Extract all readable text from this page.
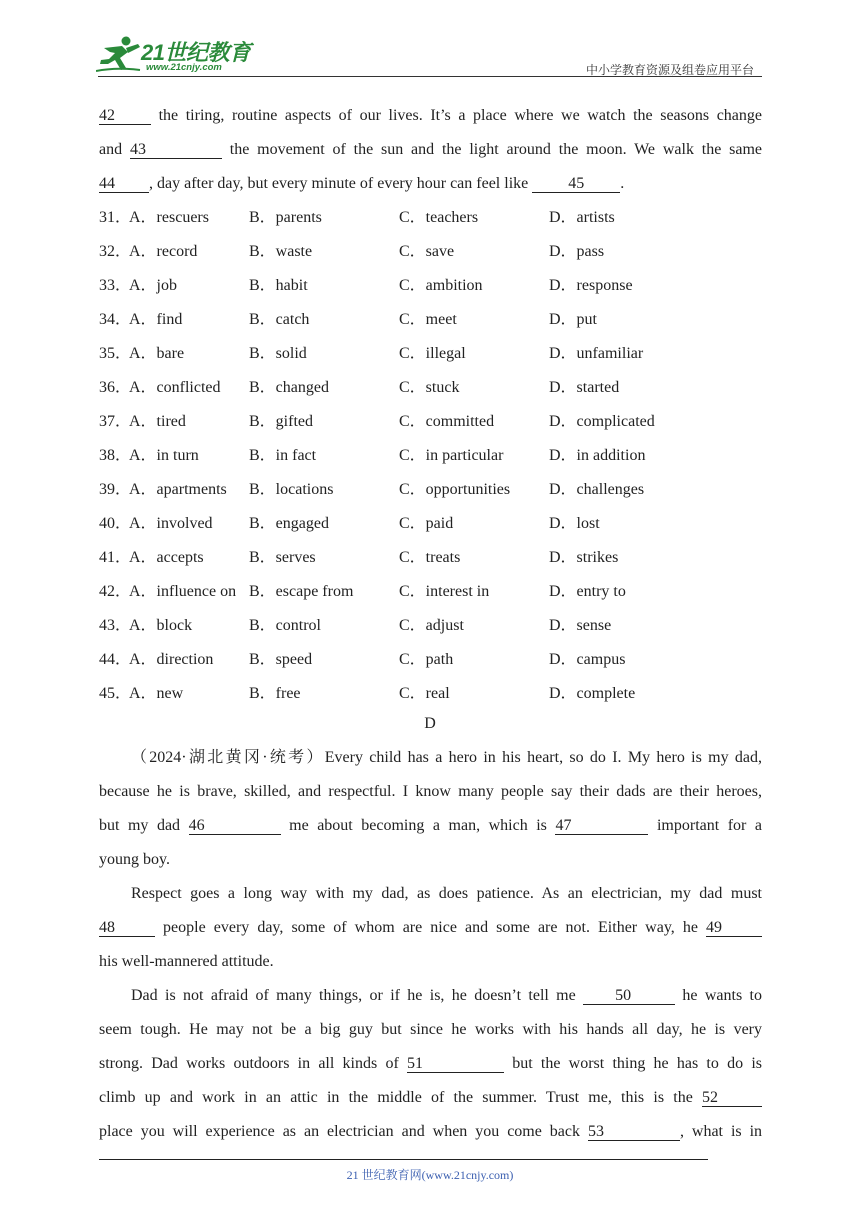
21世纪教育
www.21cnjy.com	中小学教育资源及组卷应用平台
42 the tiring, routine aspects of our lives. It’s a place where we watch the seasons change
and 43	the movement of the sun and the light around the moon. We walk the same
44 , day after day, but every minute of every hour can feel like 45 .
31．
A．rescuers	B．parents	C．teachers	D．artists
32．
A．record	B．waste	C．save	D．pass
33．
A．job	B．habit	C．ambition	D．response
34．
A．find	B．catch	C．meet	D．put
35．
A．bare	B．solid	C．illegal	D．unfamiliar
36．
A．conflicted B．changed	C．stuck	D．started
37．
A．tired	B．gifted	C．committed	D．complicated
38．
A．in turn	B．in fact	C．in particular	D．in addition
39．
A．apartments B．locations	C．opportunities D．challenges
40．
A．involved B．engaged	C．paid	D．lost
41．
A．accepts	B．serves	C．treats	D．strikes
42．
A．influence on B．escape from	C．interest in	D．entry to
43．
A．block	B．control	C．adjust	D．sense
44．
A．direction B．speed	C．path	D．campus
45．
A．new	B．free	C．real	D．complete
D
（2024·湖北黄冈·统考）Every child has a hero in his heart, so do I. My hero is my dad,
because he is brave, skilled, and respectful. I know many people say their dads are their heroes,
but my dad 46	me about becoming a man, which is 47	important for a
young boy.
Respect goes a long way with my dad, as does patience. As an electrician, my dad must
48	people every day, some of whom are nice and some are not. Either way, he 49
his well-mannered attitude.
Dad is not afraid of many things, or if he is, he doesn’t tell me 50	he wants to
seem tough. He may not be a big guy but since he works with his hands all day, he is very
strong. Dad works outdoors in all kinds of 51	but the worst thing he has to do is
climb up and work in an attic in the middle of the summer. Trust me, this is the 52
place you will experience as an electrician and when you come back 53	, what is in
21 世纪教育网(www.21cnjy.com)
